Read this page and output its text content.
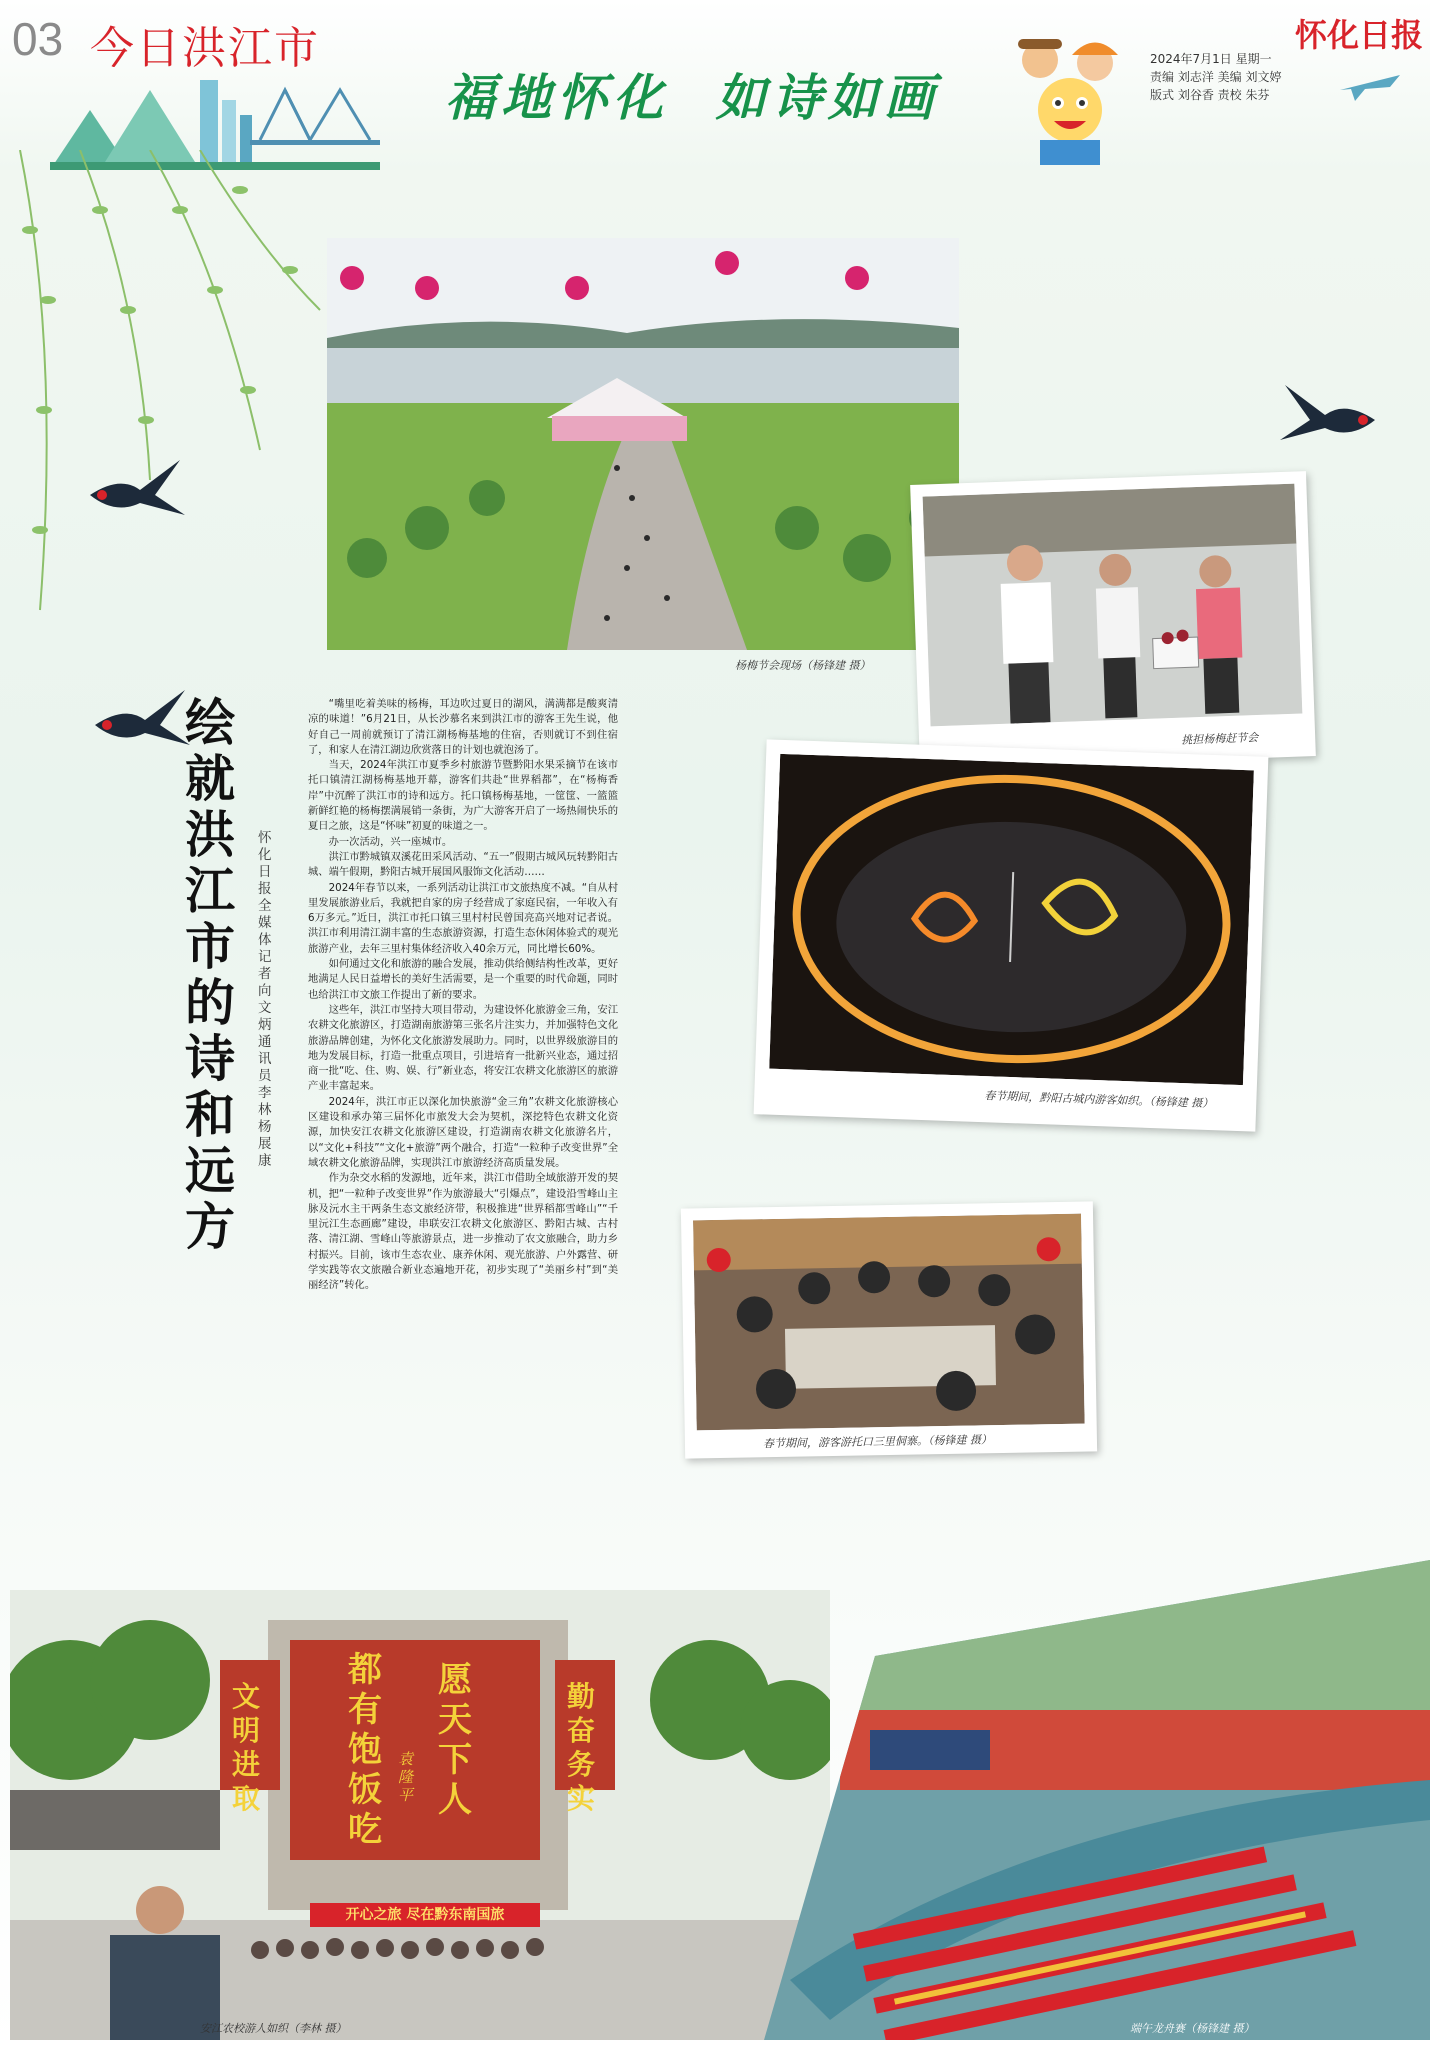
03 今日洪江市
福地怀化  如诗如画
怀化日报
2024年7月1日 星期一
责编 刘志洋 美编 刘文婷
版式 刘谷香 责校 朱芬
杨梅节会现场（杨锋建 摄）
挑担杨梅赶节会
春节期间，黔阳古城内游客如织。（杨锋建 摄）
春节期间，游客游托口三里侗寨。（杨锋建 摄）
绘就洪江市的诗和远方
怀化日报全媒体记者 向文炳 通讯员 李林 杨展康

“嘴里吃着美味的杨梅，耳边吹过夏日的湖风，满满都是酸爽清凉的味道！”6月21日，从长沙慕名来到洪江市的游客王先生说，他好自己一周前就预订了清江湖杨梅基地的住宿，否则就订不到住宿了，和家人在清江湖边欣赏落日的计划也就泡汤了。

当天，2024年洪江市夏季乡村旅游节暨黔阳水果采摘节在该市托口镇清江湖杨梅基地开幕，游客们共赴“世界稻都”，在“杨梅香岸”中沉醉了洪江市的诗和远方。托口镇杨梅基地，一筐筐、一篮篮新鲜红艳的杨梅摆满展销一条街，为广大游客开启了一场热闹快乐的夏日之旅，这是“怀味”初夏的味道之一。

办一次活动，兴一座城市。

洪江市黔城镇双溪花田采风活动、“五一”假期古城风玩转黔阳古城、端午假期，黔阳古城开展国风服饰文化活动……

2024年春节以来，一系列活动让洪江市文旅热度不减。“自从村里发展旅游业后，我就把自家的房子经营成了家庭民宿，一年收入有6万多元。”近日，洪江市托口镇三里村村民曾国亮高兴地对记者说。洪江市利用清江湖丰富的生态旅游资源，打造生态休闲体验式的观光旅游产业，去年三里村集体经济收入40余万元，同比增长60%。

如何通过文化和旅游的融合发展，推动供给侧结构性改革，更好地满足人民日益增长的美好生活需要，是一个重要的时代命题，同时也给洪江市文旅工作提出了新的要求。

这些年，洪江市坚持大项目带动，为建设怀化旅游金三角，安江农耕文化旅游区，打造湖南旅游第三张名片注实力，并加强特色文化旅游品牌创建，为怀化文化旅游发展助力。同时，以世界级旅游目的地为发展目标，打造一批重点项目，引进培育一批新兴业态，通过招商一批“吃、住、购、娱、行”新业态，将安江农耕文化旅游区的旅游产业丰富起来。

2024年，洪江市正以深化加快旅游“金三角”农耕文化旅游核心区建设和承办第三届怀化市旅发大会为契机，深挖特色农耕文化资源，加快安江农耕文化旅游区建设，打造湖南农耕文化旅游名片，以“文化+科技”“文化+旅游”两个融合，打造“一粒种子改变世界”全域农耕文化旅游品牌，实现洪江市旅游经济高质量发展。

作为杂交水稻的发源地，近年来，洪江市借助全域旅游开发的契机，把“一粒种子改变世界”作为旅游最大“引爆点”，建设沿雪峰山主脉及沅水主干两条生态文旅经济带，积极推进“世界稻都雪峰山”“千里沅江生态画廊”建设，串联安江农耕文化旅游区、黔阳古城、古村落、清江湖、雪峰山等旅游景点，进一步推动了农文旅融合，助力乡村振兴。目前，该市生态农业、康养休闲、观光旅游、户外露营、研学实践等农文旅融合新业态遍地开花，初步实现了“美丽乡村”到“美丽经济”转化。

文明进取
愿天下人
都有饱饭吃
袁隆平
勤奋务实
开心之旅 尽在黔东南国旅
安江农校游人如织（李林 摄）	端午龙舟赛（杨锋建 摄）
